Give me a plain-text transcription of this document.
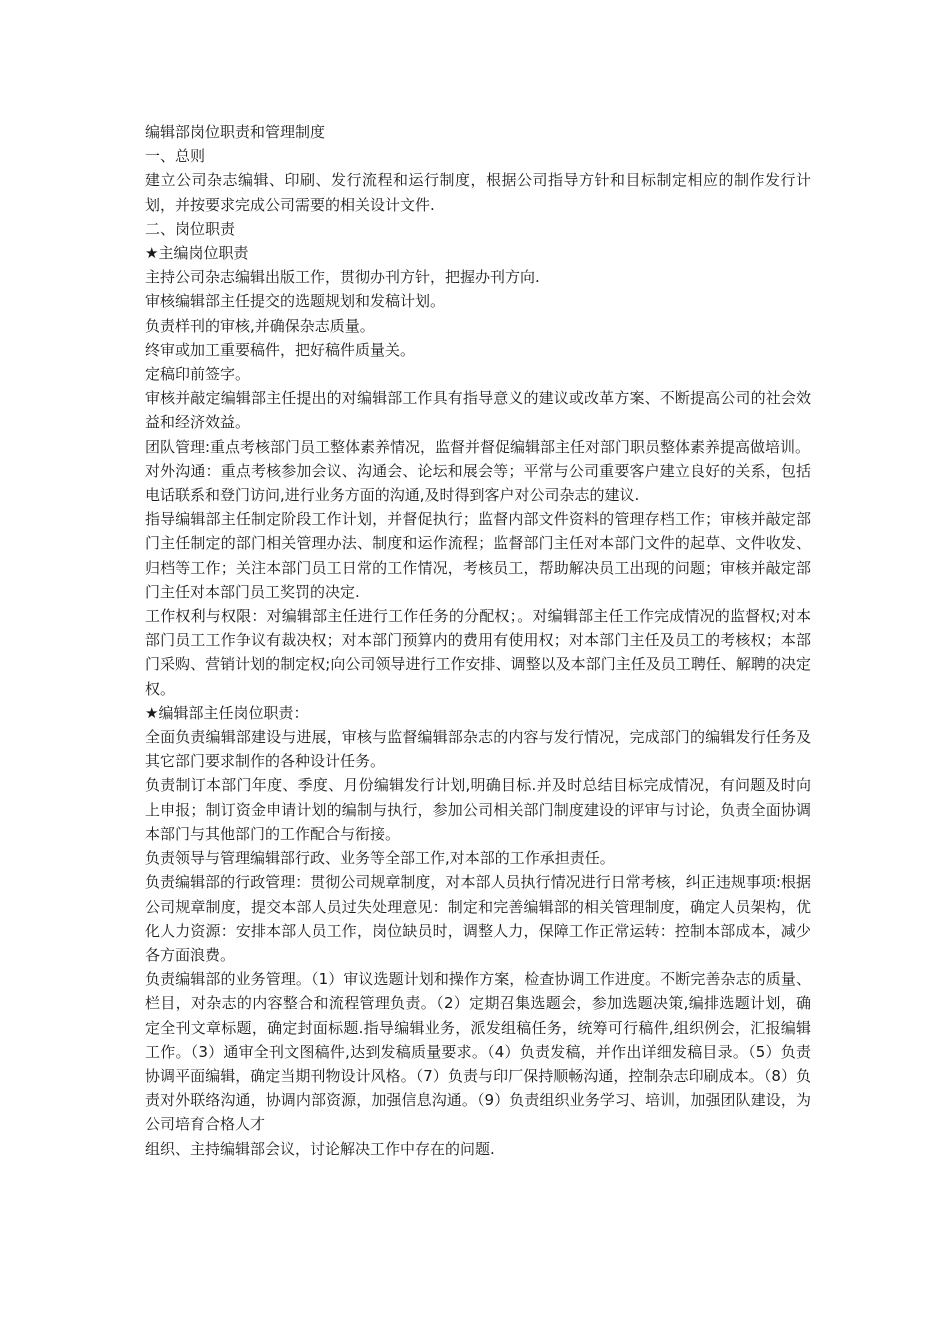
编辑部岗位职责和管理制度

一、总则

建立公司杂志编辑、印刷、发行流程和运行制度，根据公司指导方针和目标制定相应的制作发行计划，并按要求完成公司需要的相关设计文件.

二、岗位职责

★主编岗位职责

主持公司杂志编辑出版工作，贯彻办刊方针，把握办刊方向.

审核编辑部主任提交的选题规划和发稿计划。

负责样刊的审核,并确保杂志质量。

终审或加工重要稿件，把好稿件质量关。

定稿印前签字。

审核并敲定编辑部主任提出的对编辑部工作具有指导意义的建议或改革方案、不断提高公司的社会效益和经济效益。

团队管理:重点考核部门员工整体素养情况，监督并督促编辑部主任对部门职员整体素养提高做培训。

对外沟通：重点考核参加会议、沟通会、论坛和展会等；平常与公司重要客户建立良好的关系，包括电话联系和登门访问,进行业务方面的沟通,及时得到客户对公司杂志的建议.

指导编辑部主任制定阶段工作计划，并督促执行；监督内部文件资料的管理存档工作；审核并敲定部门主任制定的部门相关管理办法、制度和运作流程；监督部门主任对本部门文件的起草、文件收发、归档等工作；关注本部门员工日常的工作情况，考核员工，帮助解决员工出现的问题；审核并敲定部门主任对本部门员工奖罚的决定.

工作权利与权限：对编辑部主任进行工作任务的分配权；。对编辑部主任工作完成情况的监督权;对本部门员工工作争议有裁决权；对本部门预算内的费用有使用权；对本部门主任及员工的考核权；本部门采购、营销计划的制定权;向公司领导进行工作安排、调整以及本部门主任及员工聘任、解聘的决定权。

★编辑部主任岗位职责：

全面负责编辑部建设与进展，审核与监督编辑部杂志的内容与发行情况，完成部门的编辑发行任务及其它部门要求制作的各种设计任务。

负责制订本部门年度、季度、月份编辑发行计划,明确目标.并及时总结目标完成情况，有问题及时向上申报；制订资金申请计划的编制与执行，参加公司相关部门制度建设的评审与讨论，负责全面协调本部门与其他部门的工作配合与衔接。

负责领导与管理编辑部行政、业务等全部工作,对本部的工作承担责任。

负责编辑部的行政管理：贯彻公司规章制度，对本部人员执行情况进行日常考核，纠正违规事项:根据公司规章制度，提交本部人员过失处理意见：制定和完善编辑部的相关管理制度，确定人员架构，优化人力资源：安排本部人员工作，岗位缺员时，调整人力，保障工作正常运转：控制本部成本，减少各方面浪费。

负责编辑部的业务管理。（1）审议选题计划和操作方案，检查协调工作进度。不断完善杂志的质量、栏目，对杂志的内容整合和流程管理负责。（2）定期召集选题会，参加选题决策,编排选题计划，确定全刊文章标题，确定封面标题.指导编辑业务，派发组稿任务，统筹可行稿件,组织例会，汇报编辑工作。（3）通审全刊文图稿件,达到发稿质量要求。（4）负责发稿，并作出详细发稿目录。（5）负责协调平面编辑，确定当期刊物设计风格。（7）负责与印厂保持顺畅沟通，控制杂志印刷成本。（8）负责对外联络沟通，协调内部资源，加强信息沟通。（9）负责组织业务学习、培训，加强团队建设，为公司培育合格人才

组织、主持编辑部会议，讨论解决工作中存在的问题.
